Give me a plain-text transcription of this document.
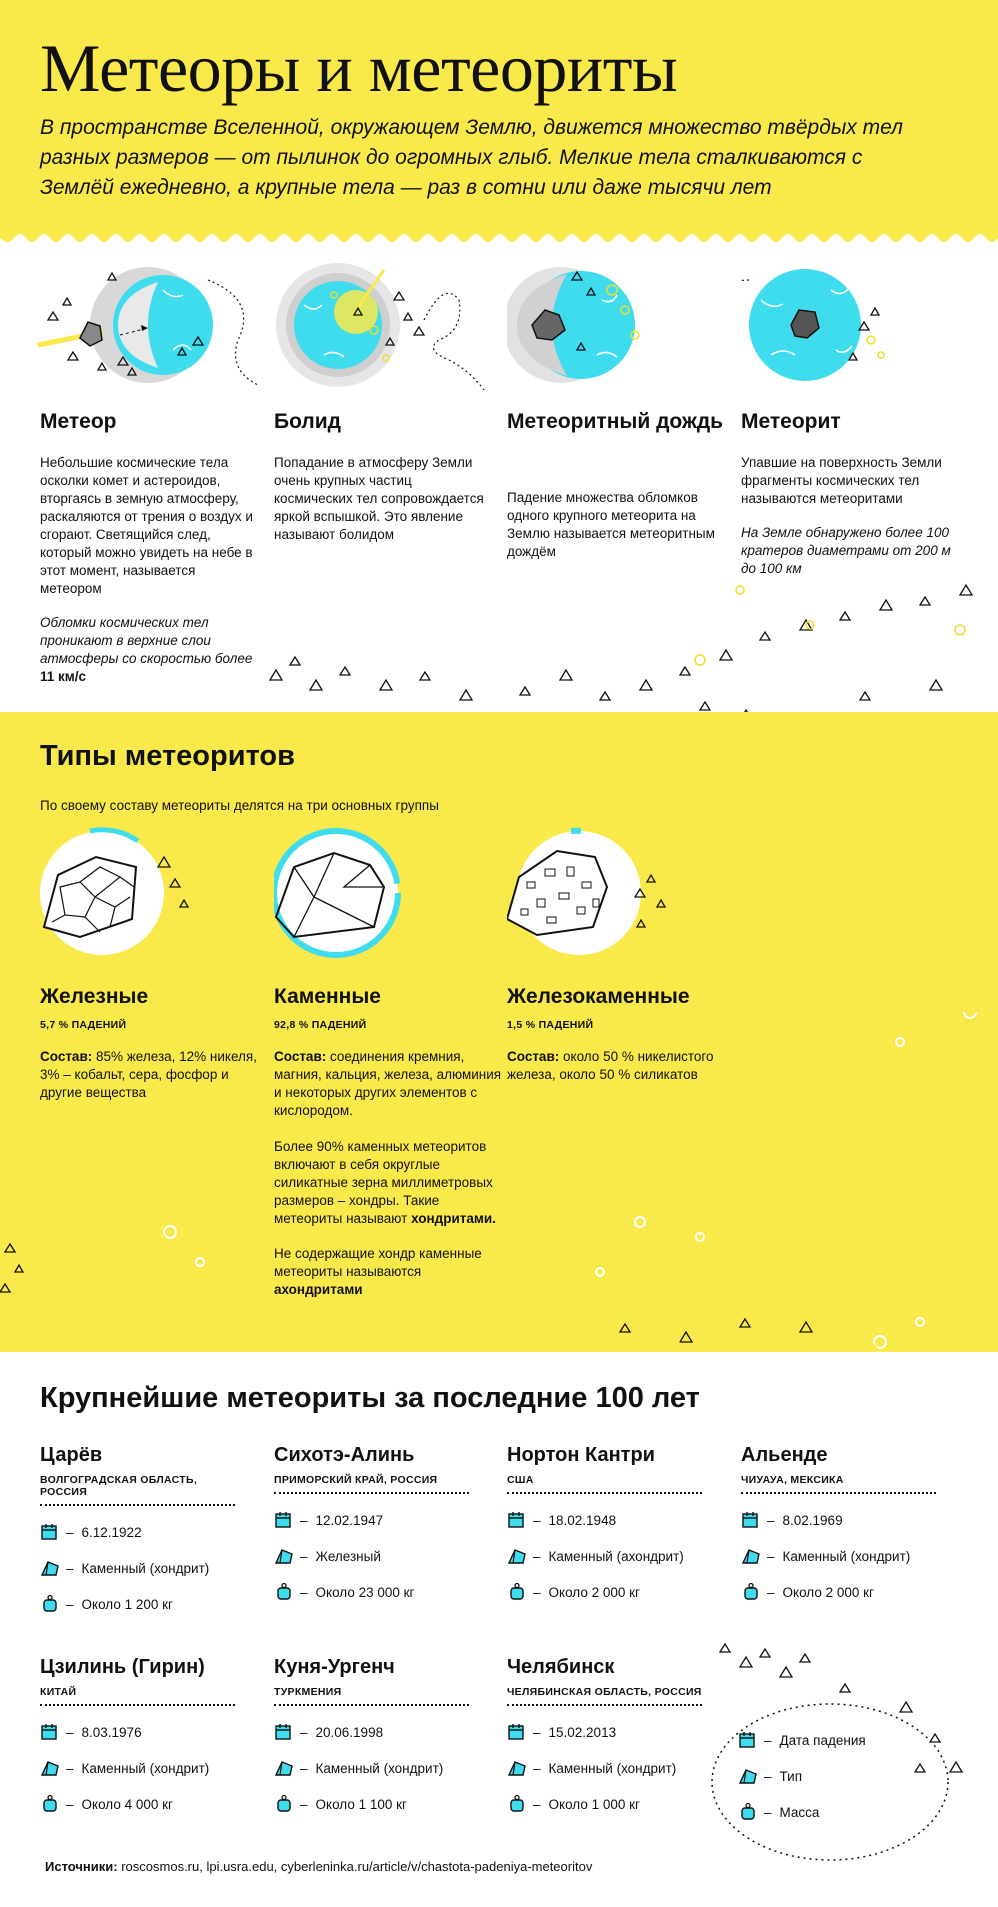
Метеоры и метеориты

В пространстве Вселенной, окружающем Землю, движется множество твёрдых тел разных размеров — от пылинок до огромных глыб. Мелкие тела сталкиваются с Землёй ежедневно, а крупные тела — раз в сотни или даже тысячи лет

Метеор
Небольшие космические тела осколки комет и астероидов, вторгаясь в земную атмосферу, раскаляются от трения о воздух и сгорают. Светящийся след, который можно увидеть на небе в этот момент, называется метеором
Обломки космических тел проникают в верхние слои атмосферы со скоростью более 11 км/с
Болид
Попадание в атмосферу Земли очень крупных частиц космических тел сопровождается яркой вспышкой. Это явление называют болидом
Метеоритный дождь
Падение множества обломков одного крупного метеорита на Землю называется метеоритным дождём
Метеорит
Упавшие на поверхность Земли фрагменты космических тел называются метеоритами
На Земле обнаружено более 100 кратеров диаметрами от 200 м до 100 км
Типы метеоритов
По своему составу метеориты делятся на три основных группы
Железные
5,7 % ПАДЕНИЙ
Состав: 85% железа, 12% никеля, 3% – кобальт, сера, фосфор и другие вещества
Каменные
92,8 % ПАДЕНИЙ
Состав: соединения кремния, магния, кальция, железа, алюминия и некоторых других элементов с кислородом.
Более 90% каменных метеоритов включают в себя округлые силикатные зерна миллиметровых размеров – хондры. Такие метеориты называют хондритами.
Не содержащие хондр каменные метеориты называются ахондритами
Железокаменные
1,5 % ПАДЕНИЙ
Состав: около 50 % никелистого железа, около 50 % силикатов
Крупнейшие метеориты за последние 100 лет
Царёв
ВОЛГОГРАДСКАЯ ОБЛАСТЬ, РОССИЯ
– 6.12.1922
– Каменный (хондрит)
– Около 1 200 кг
Сихотэ-Алинь
ПРИМОРСКИЙ КРАЙ, РОССИЯ
– 12.02.1947
– Железный
– Около 23 000 кг
Нортон Кантри
США
– 18.02.1948
– Каменный (ахондрит)
– Около 2 000 кг
Альенде
ЧИУАУА, МЕКСИКА
– 8.02.1969
– Каменный (хондрит)
– Около 2 000 кг
Цзилинь (Гирин)
КИТАЙ
– 8.03.1976
– Каменный (хондрит)
– Около 4 000 кг
Куня-Ургенч
ТУРКМЕНИЯ
– 20.06.1998
– Каменный (хондрит)
– Около 1 100 кг
Челябинск
ЧЕЛЯБИНСКАЯ ОБЛАСТЬ, РОССИЯ
– 15.02.2013
– Каменный (хондрит)
– Около 1 000 кг
– Дата падения
– Тип
– Масса
Источники: roscosmos.ru, lpi.usra.edu, cyberleninka.ru/article/v/chastota-padeniya-meteoritov
